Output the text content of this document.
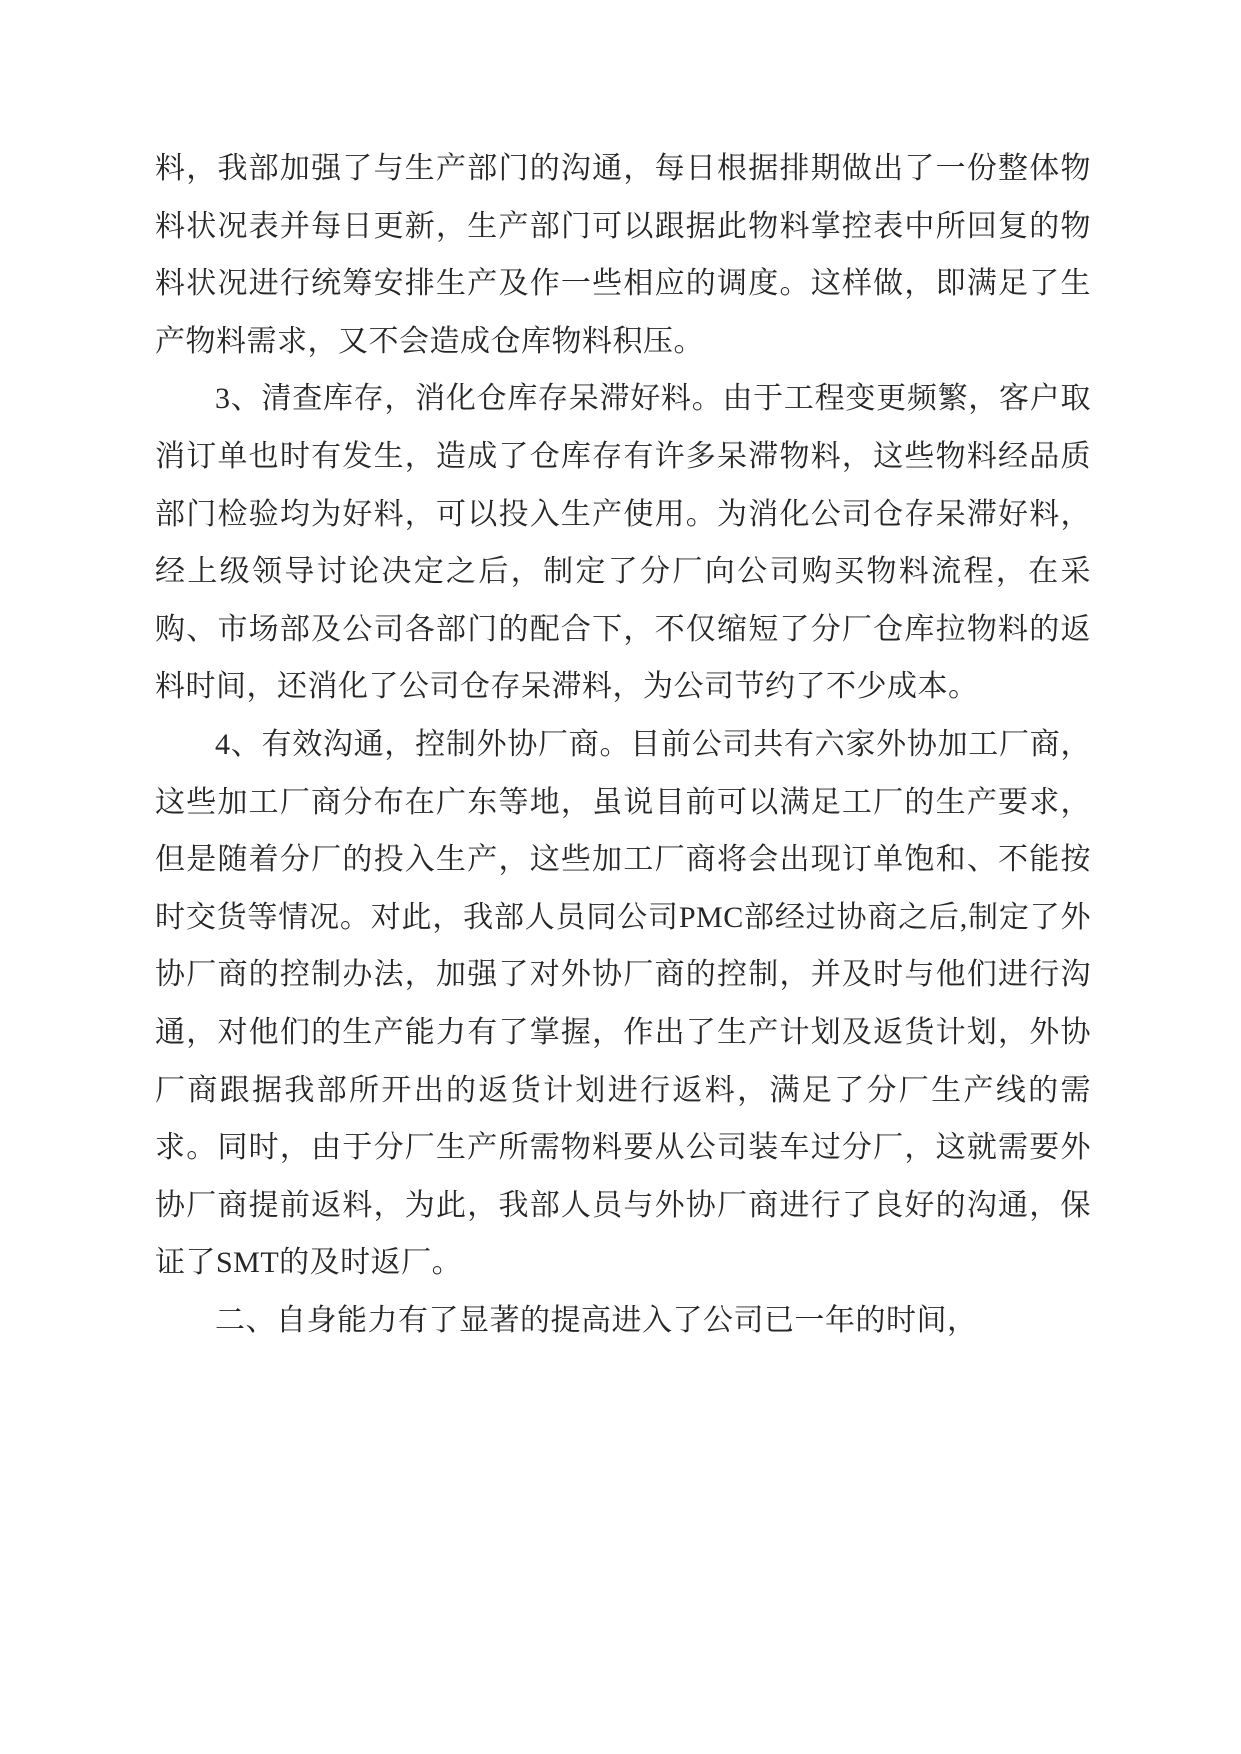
料，我部加强了与生产部门的沟通，每日根据排期做出了一份整体物料状况表并每日更新，生产部门可以跟据此物料掌控表中所回复的物料状况进行统筹安排生产及作一些相应的调度。这样做，即满足了生产物料需求，又不会造成仓库物料积压。

3、清查库存，消化仓库存呆滞好料。由于工程变更频繁，客户取消订单也时有发生，造成了仓库存有许多呆滞物料，这些物料经品质部门检验均为好料，可以投入生产使用。为消化公司仓存呆滞好料，经上级领导讨论决定之后，制定了分厂向公司购买物料流程，在采购、市场部及公司各部门的配合下，不仅缩短了分厂仓库拉物料的返料时间，还消化了公司仓存呆滞料，为公司节约了不少成本。

4、有效沟通，控制外协厂商。目前公司共有六家外协加工厂商，这些加工厂商分布在广东等地，虽说目前可以满足工厂的生产要求，但是随着分厂的投入生产，这些加工厂商将会出现订单饱和、不能按时交货等情况。对此，我部人员同公司PMC部经过协商之后,制定了外协厂商的控制办法，加强了对外协厂商的控制，并及时与他们进行沟通，对他们的生产能力有了掌握，作出了生产计划及返货计划，外协厂商跟据我部所开出的返货计划进行返料，满足了分厂生产线的需求。同时，由于分厂生产所需物料要从公司装车过分厂，这就需要外协厂商提前返料，为此，我部人员与外协厂商进行了良好的沟通，保证了SMT的及时返厂。

二、自身能力有了显著的提高进入了公司已一年的时间，
